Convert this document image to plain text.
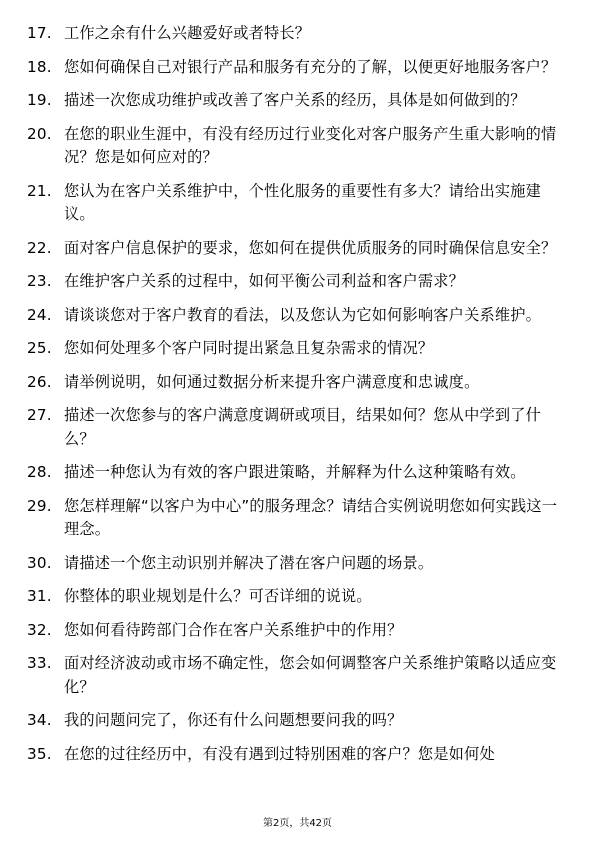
17. 工作之余有什么兴趣爱好或者特长？
18. 您如何确保自己对银行产品和服务有充分的了解，以便更好地服务客户？
19. 描述一次您成功维护或改善了客户关系的经历，具体是如何做到的？
20. 在您的职业生涯中，有没有经历过行业变化对客户服务产生重大影响的情况？您是如何应对的？
21. 您认为在客户关系维护中，个性化服务的重要性有多大？请给出实施建议。
22. 面对客户信息保护的要求，您如何在提供优质服务的同时确保信息安全？
23. 在维护客户关系的过程中，如何平衡公司利益和客户需求？
24. 请谈谈您对于客户教育的看法，以及您认为它如何影响客户关系维护。
25. 您如何处理多个客户同时提出紧急且复杂需求的情况？
26. 请举例说明，如何通过数据分析来提升客户满意度和忠诚度。
27. 描述一次您参与的客户满意度调研或项目，结果如何？您从中学到了什么？
28. 描述一种您认为有效的客户跟进策略，并解释为什么这种策略有效。
29. 您怎样理解“以客户为中心”的服务理念？请结合实例说明您如何实践这一理念。
30. 请描述一个您主动识别并解决了潜在客户问题的场景。
31. 你整体的职业规划是什么？可否详细的说说。
32. 您如何看待跨部门合作在客户关系维护中的作用？
33. 面对经济波动或市场不确定性，您会如何调整客户关系维护策略以适应变化？
34. 我的问题问完了，你还有什么问题想要问我的吗？
35. 在您的过往经历中，有没有遇到过特别困难的客户？您是如何处
第2页，共42页
